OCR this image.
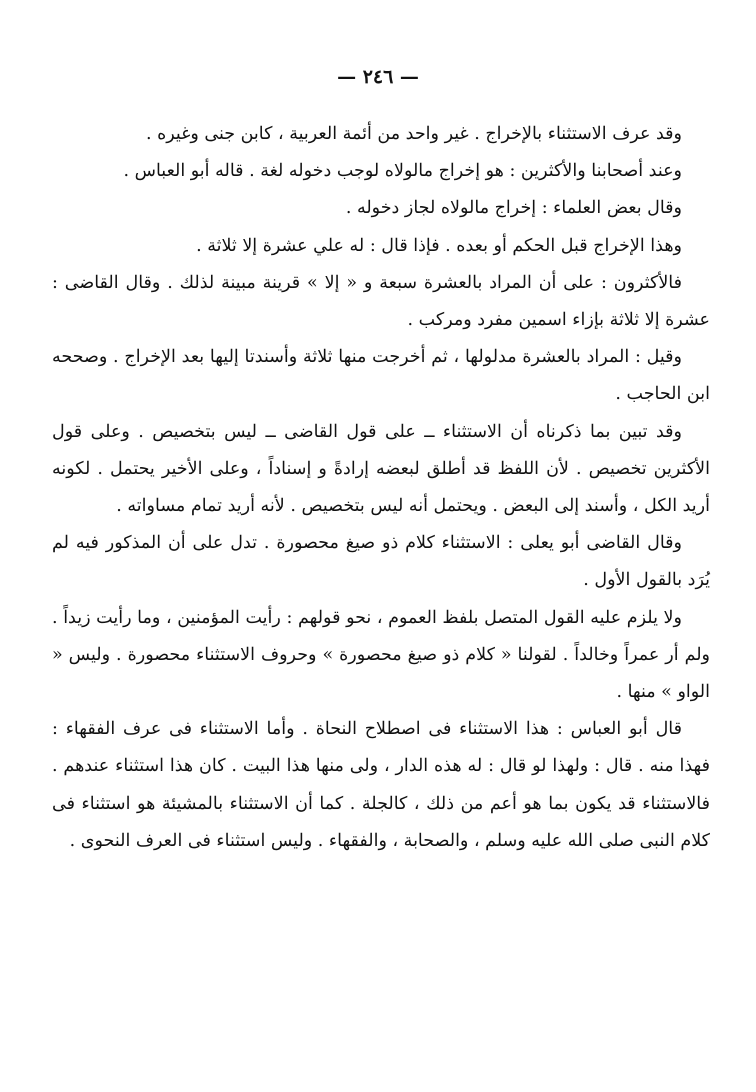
— ٢٤٦ —

وقد عرف الاستثناء بالإخراج . غير واحد من أئمة العربية ، كابن جنى وغيره .

وعند أصحابنا والأكثرين : هو إخراج مالولاه لوجب دخوله لغة . قاله أبو العباس .

وقال بعض العلماء : إخراج مالولاه لجاز دخوله .

وهذا الإخراج قبل الحكم أو بعده . فإذا قال : له علي عشرة إلا ثلاثة .

فالأكثرون : على أن المراد بالعشرة سبعة و « إلا » قرينة مبينة لذلك . وقال القاضى : عشرة إلا ثلاثة بإزاء اسمين مفرد ومركب .

وقيل : المراد بالعشرة مدلولها ، ثم أخرجت منها ثلاثة وأسندتا إليها بعد الإخراج . وصححه ابن الحاجب .

وقد تبين بما ذكرناه أن الاستثناء ــ على قول القاضى ــ ليس بتخصيص . وعلى قول الأكثرين تخصيص . لأن اللفظ قد أطلق لبعضه إرادةً و إسناداً ، وعلى الأخير يحتمل . لكونه أريد الكل ، وأسند إلى البعض . ويحتمل أنه ليس بتخصيص . لأنه أريد تمام مساواته .

وقال القاضى أبو يعلى : الاستثناء كلام ذو صيغ محصورة . تدل على أن المذكور فيه لم يُرَد بالقول الأول .

ولا يلزم عليه القول المتصل بلفظ العموم ، نحو قولهم : رأيت المؤمنين ، وما رأيت زيداً . ولم أر عمراً وخالداً . لقولنا « كلام ذو صيغ محصورة » وحروف الاستثناء محصورة . وليس « الواو » منها .

قال أبو العباس : هذا الاستثناء فى اصطلاح النحاة . وأما الاستثناء فى عرف الفقهاء : فهذا منه . قال : ولهذا لو قال : له هذه الدار ، ولى منها هذا البيت . كان هذا استثناء عندهم . فالاستثناء قد يكون بما هو أعم من ذلك ، كالجلة . كما أن الاستثناء بالمشيئة هو استثناء فى كلام النبى صلى الله عليه وسلم ، والصحابة ، والفقهاء . وليس استثناء فى العرف النحوى .
